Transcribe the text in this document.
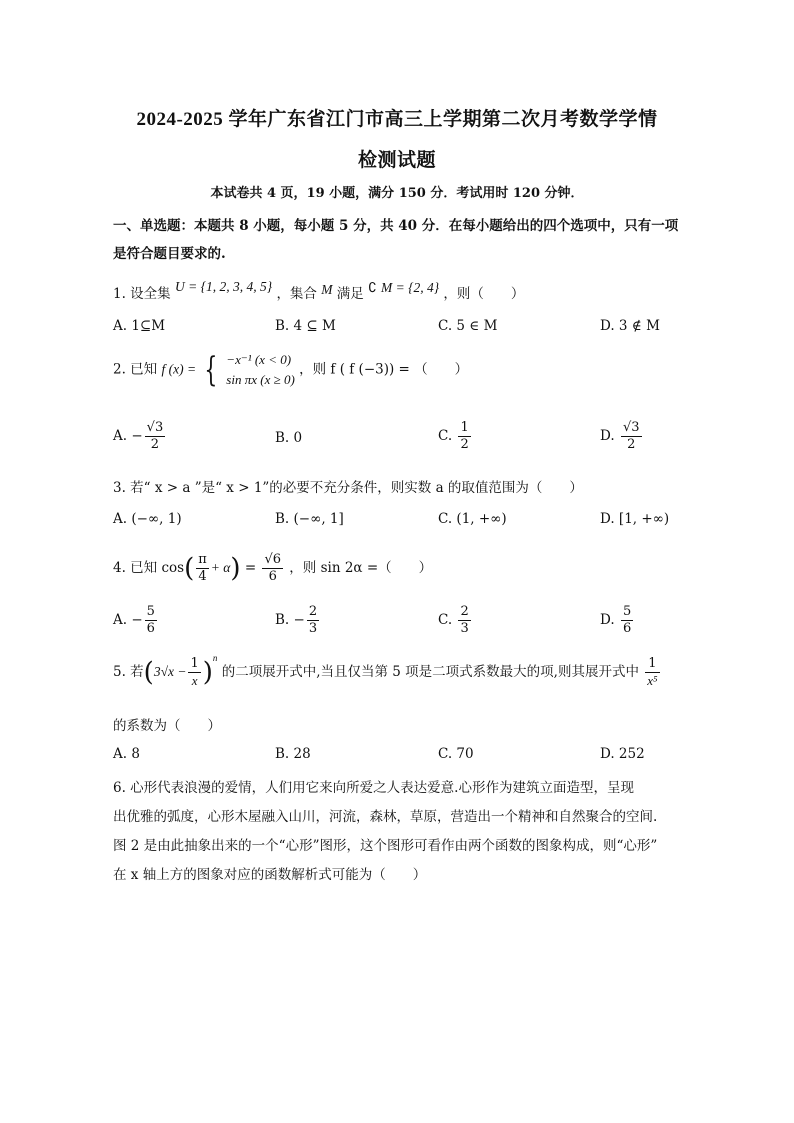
2024-2025 学年广东省江门市高三上学期第二次月考数学学情
检测试题
本试卷共 4 页，19 小题，满分 150 分．考试用时 120 分钟．
一、单选题：本题共 8 小题，每小题 5 分，共 40 分．在每小题给出的四个选项中，只有一项是符合题目要求的.
1. 设全集 U = {1, 2, 3, 4, 5} ，集合 M 满足 ∁ M = {2, 4} ，则（　　）
A. 1⊆M	B. 4 ⊆ M	C. 5 ∈ M	D. 3 ∉ M
2. 已知 f (x) = { −x⁻¹ (x < 0)
sin πx (x ≥ 0)
，则 f ( f (−3)) = （　　）
A. − $\frac{√3}{2}$	B. 0	C. $\frac{1}{2}$	D. $\frac{√3}{2}$
3. 若“ x > a ”是“ x > 1”的必要不充分条件，则实数 a 的取值范围为（　　）
A. (−∞, 1)	B. (−∞, 1]	C. (1, +∞)	D. [1, +∞)
4. 已知 $\cos( \frac{\pi}{4} + \alpha) = \frac{√6}{6}$ ，则 sin 2α =（　　）
A. − $\frac{5}{6}$	B. − $\frac{2}{3}$	C. $\frac{2}{3}$	D. $\frac{5}{6}$
5. 若$(3√x - \frac{1}{x} )^n$ 的二项展开式中,当且仅当第 5 项是二项式系数最大的项,则其展开式中 $\frac{1}{\text{x⁵}}$
的系数为（　　）
A. 8	B. 28	C. 70	D. 252
6. 心形代表浪漫的爱情，人们用它来向所爱之人表达爱意.心形作为建筑立面造型，呈现
出优雅的弧度，心形木屋融入山川，河流，森林，草原，营造出一个精神和自然聚合的空间.
图 2 是由此抽象出来的一个“心形”图形，这个图形可看作由两个函数的图象构成，则“心形”
在 x 轴上方的图象对应的函数解析式可能为（　　）
